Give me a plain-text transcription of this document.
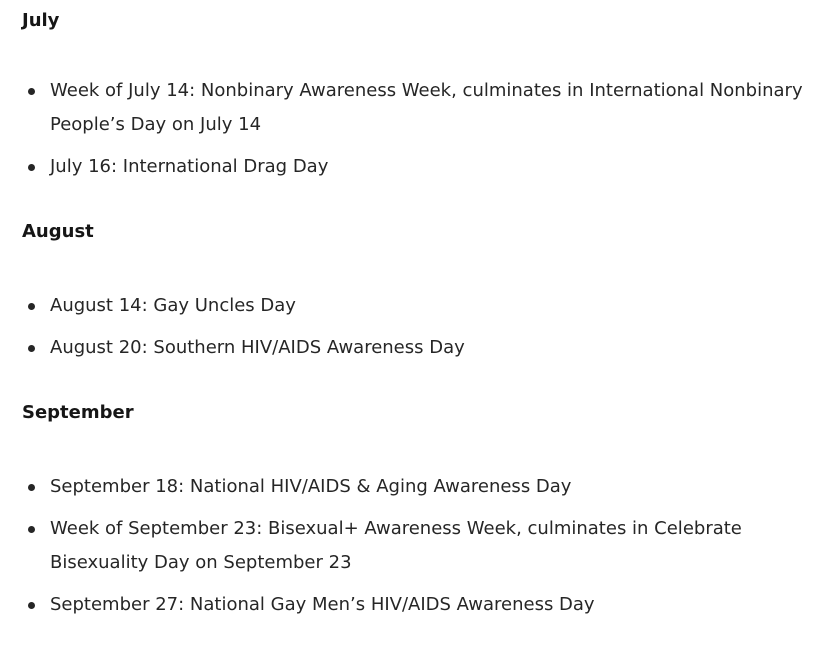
July
Week of July 14: Nonbinary Awareness Week, culminates in International Nonbinary People’s Day on July 14
July 16: International Drag Day
August
August 14: Gay Uncles Day
August 20: Southern HIV/AIDS Awareness Day
September
September 18: National HIV/AIDS & Aging Awareness Day
Week of September 23: Bisexual+ Awareness Week, culminates in Celebrate Bisexuality Day on September 23
September 27: National Gay Men’s HIV/AIDS Awareness Day
